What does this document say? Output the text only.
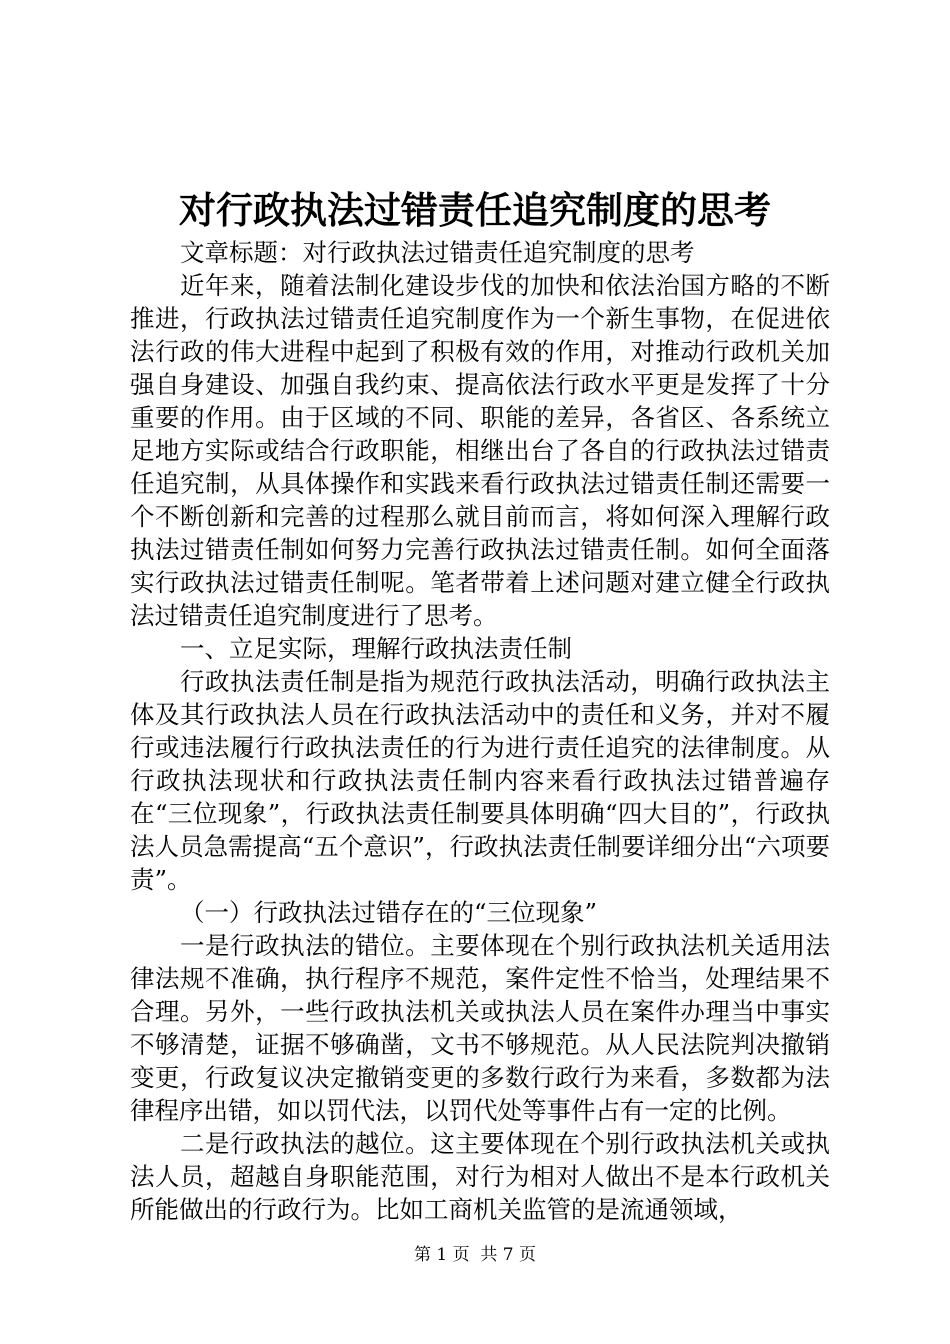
对行政执法过错责任追究制度的思考

文章标题：对行政执法过错责任追究制度的思考

近年来，随着法制化建设步伐的加快和依法治国方略的不断推进，行政执法过错责任追究制度作为一个新生事物，在促进依法行政的伟大进程中起到了积极有效的作用，对推动行政机关加强自身建设、加强自我约束、提高依法行政水平更是发挥了十分重要的作用。由于区域的不同、职能的差异，各省区、各系统立足地方实际或结合行政职能，相继出台了各自的行政执法过错责任追究制，从具体操作和实践来看行政执法过错责任制还需要一个不断创新和完善的过程那么就目前而言，将如何深入理解行政执法过错责任制如何努力完善行政执法过错责任制。如何全面落实行政执法过错责任制呢。笔者带着上述问题对建立健全行政执法过错责任追究制度进行了思考。

一、立足实际，理解行政执法责任制

行政执法责任制是指为规范行政执法活动，明确行政执法主体及其行政执法人员在行政执法活动中的责任和义务，并对不履行或违法履行行政执法责任的行为进行责任追究的法律制度。从行政执法现状和行政执法责任制内容来看行政执法过错普遍存在“三位现象”，行政执法责任制要具体明确“四大目的”，行政执法人员急需提高“五个意识”，行政执法责任制要详细分出“六项要责”。

（一）行政执法过错存在的“三位现象”

一是行政执法的错位。主要体现在个别行政执法机关适用法律法规不准确，执行程序不规范，案件定性不恰当，处理结果不合理。另外，一些行政执法机关或执法人员在案件办理当中事实不够清楚，证据不够确凿，文书不够规范。从人民法院判决撤销变更，行政复议决定撤销变更的多数行政行为来看，多数都为法律程序出错，如以罚代法，以罚代处等事件占有一定的比例。

二是行政执法的越位。这主要体现在个别行政执法机关或执法人员，超越自身职能范围，对行为相对人做出不是本行政机关所能做出的行政行为。比如工商机关监管的是流通领域，

第 1 页  共 7 页
